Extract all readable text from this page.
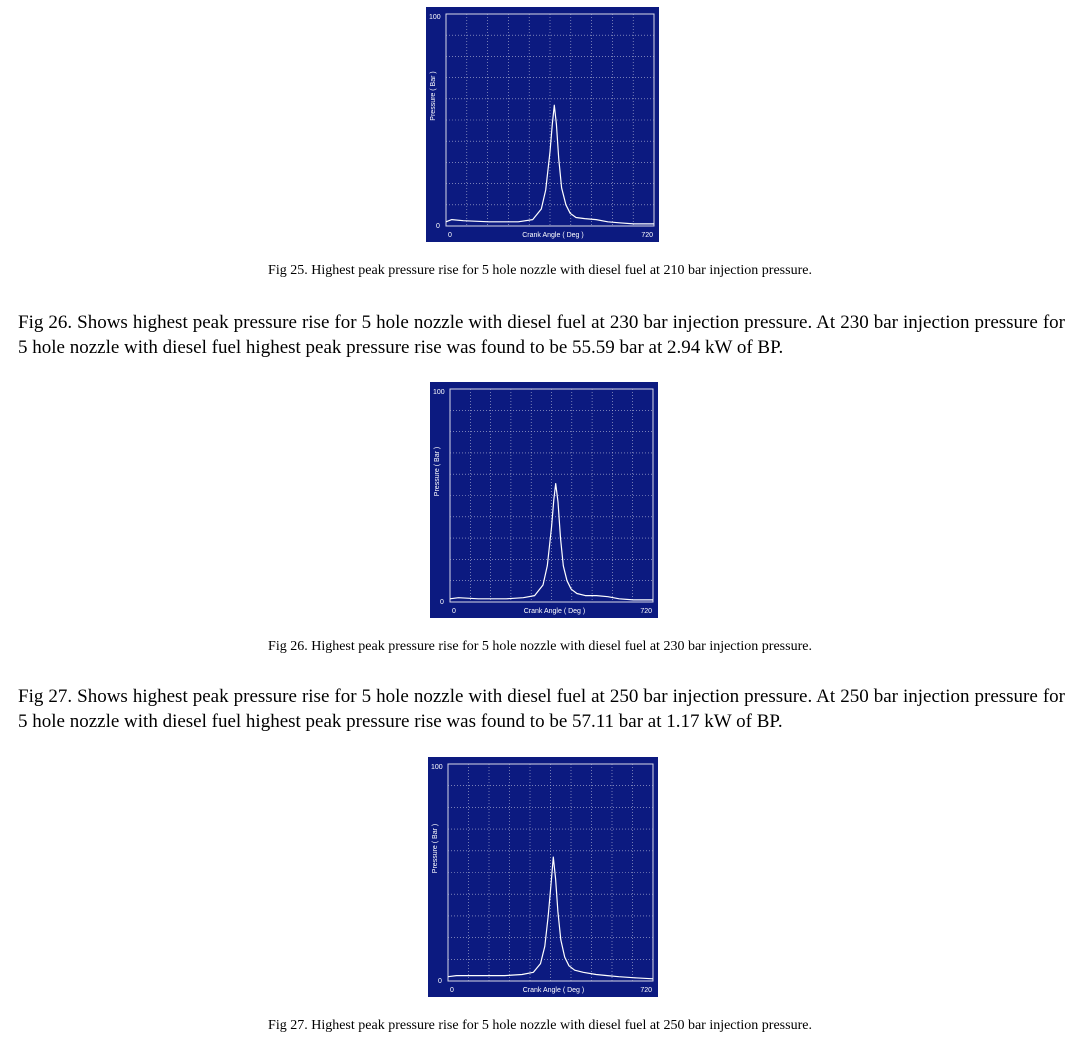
100
0
0	720
Crank Angle ( Deg )
Pressure ( Bar )
Fig 25. Highest peak pressure rise for 5 hole nozzle with diesel fuel at 210 bar injection pressure.

Fig 26. Shows highest peak pressure rise for 5 hole nozzle with diesel fuel at 230 bar injection pressure. At 230 bar injection pressure for 5 hole nozzle with diesel fuel highest peak pressure rise was found to be 55.59 bar at 2.94 kW of BP.

100
0
0	720
Crank Angle ( Deg )
Pressure ( Bar )
Fig 26. Highest peak pressure rise for 5 hole nozzle with diesel fuel at 230 bar injection pressure.

Fig 27. Shows highest peak pressure rise for 5 hole nozzle with diesel fuel at 250 bar injection pressure. At 250 bar injection pressure for 5 hole nozzle with diesel fuel highest peak pressure rise was found to be 57.11 bar at 1.17 kW of BP.

100
0
0	720
Crank Angle ( Deg )
Pressure ( Bar )
Fig 27. Highest peak pressure rise for 5 hole nozzle with diesel fuel at 250 bar injection pressure.
